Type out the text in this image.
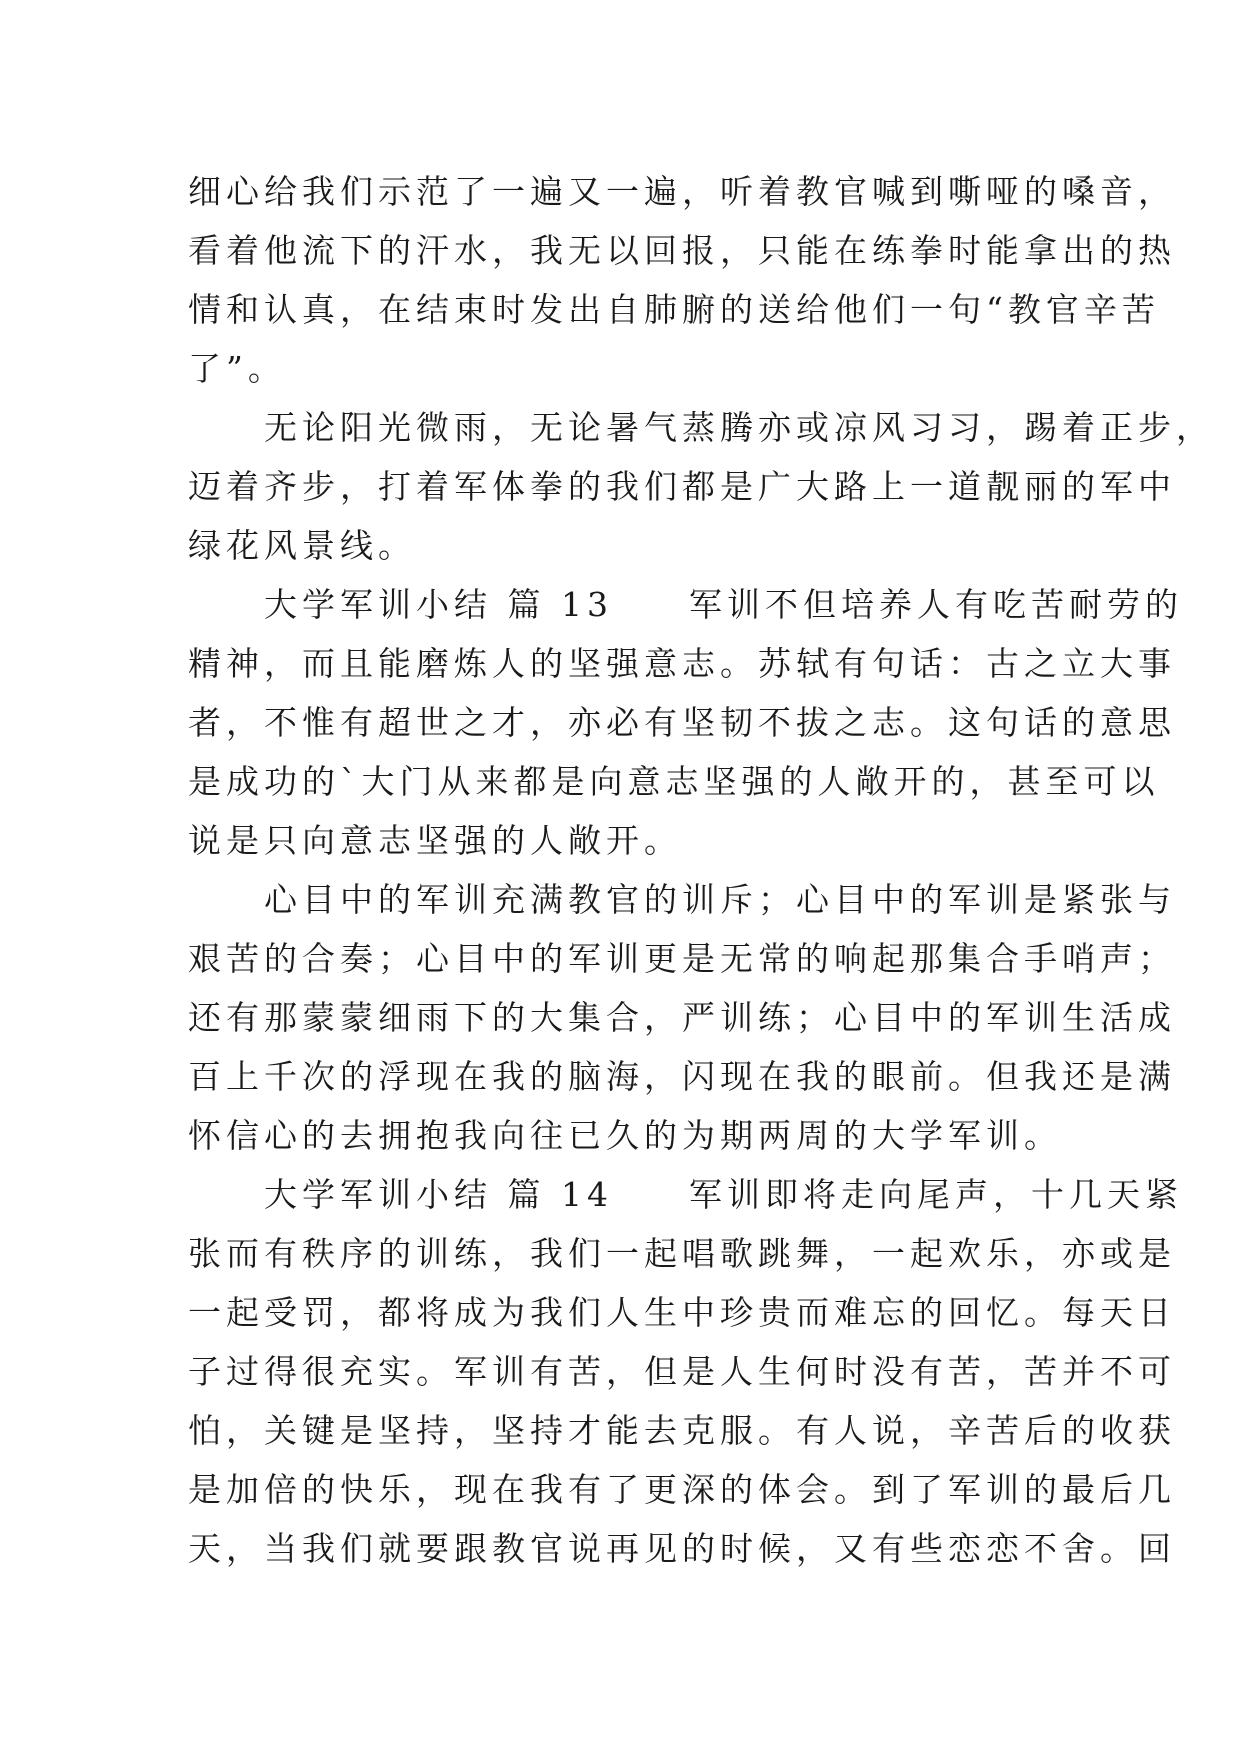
细心给我们示范了一遍又一遍，听着教官喊到嘶哑的嗓音，
看着他流下的汗水，我无以回报，只能在练拳时能拿出的热
情和认真，在结束时发出自肺腑的送给他们一句“教官辛苦
了”。
　　无论阳光微雨，无论暑气蒸腾亦或凉风习习，踢着正步，
迈着齐步，打着军体拳的我们都是广大路上一道靓丽的军中
绿花风景线。
　　大学军训小结 篇 13　　军训不但培养人有吃苦耐劳的
精神，而且能磨炼人的坚强意志。苏轼有句话：古之立大事
者，不惟有超世之才，亦必有坚韧不拔之志。这句话的意思
是成功的`大门从来都是向意志坚强的人敞开的，甚至可以
说是只向意志坚强的人敞开。
　　心目中的军训充满教官的训斥；心目中的军训是紧张与
艰苦的合奏；心目中的军训更是无常的响起那集合手哨声；
还有那蒙蒙细雨下的大集合，严训练；心目中的军训生活成
百上千次的浮现在我的脑海，闪现在我的眼前。但我还是满
怀信心的去拥抱我向往已久的为期两周的大学军训。
　　大学军训小结 篇 14　　军训即将走向尾声，十几天紧
张而有秩序的训练，我们一起唱歌跳舞，一起欢乐，亦或是
一起受罚，都将成为我们人生中珍贵而难忘的回忆。每天日
子过得很充实。军训有苦，但是人生何时没有苦，苦并不可
怕，关键是坚持，坚持才能去克服。有人说，辛苦后的收获
是加倍的快乐，现在我有了更深的体会。到了军训的最后几
天，当我们就要跟教官说再见的时候，又有些恋恋不舍。回
